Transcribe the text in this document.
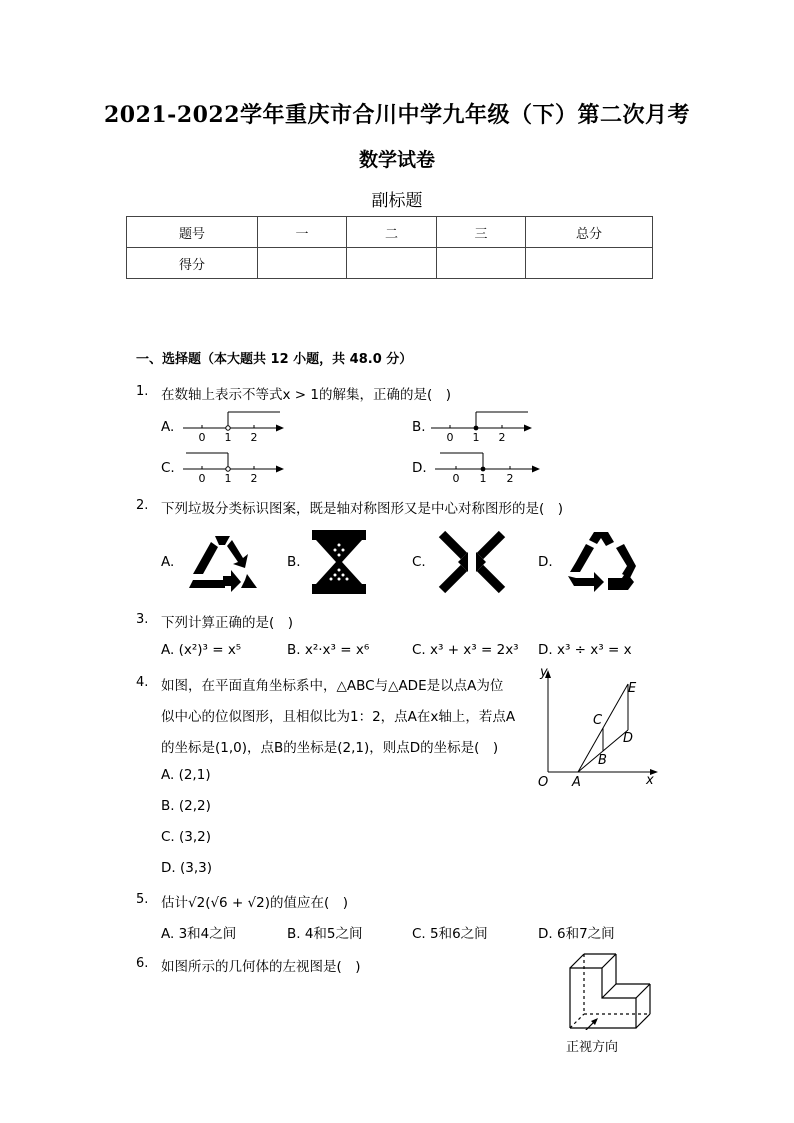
2021-2022学年重庆市合川中学九年级（下）第二次月考
数学试卷
副标题
题号	一	二	三	总分
得分				
一、选择题（本大题共 12 小题，共 48.0 分）
1. 在数轴上表示不等式x > 1的解集，正确的是(　)
A.
0 1 2
B.
0 1 2
C.
0 1 2
D.
0 1 2
2. 下列垃圾分类标识图案，既是轴对称图形又是中心对称图形的是(　)
A.	B.	C.	D.
3. 下列计算正确的是(　)
A. (x²)³ = x⁵	B. x²·x³ = x⁶	C. x³ + x³ = 2x³ D. x³ ÷ x³ = x
4. 如图，在平面直角坐标系中，△ABC与△ADE是以点A为位
似中心的位似图形，且相似比为1：2，点A在x轴上，若点A
的坐标是(1,0)，点B的坐标是(2,1)，则点D的坐标是(　)
A. (2,1)
B. (2,2)
C. (3,2)
D. (3,3)
y
x
O A
B
C
D
E
5. 估计√2(√6 + √2)的值应在(　)
A. 3和4之间	B. 4和5之间	C. 5和6之间	D. 6和7之间
6. 如图所示的几何体的左视图是(　)
正视方向
